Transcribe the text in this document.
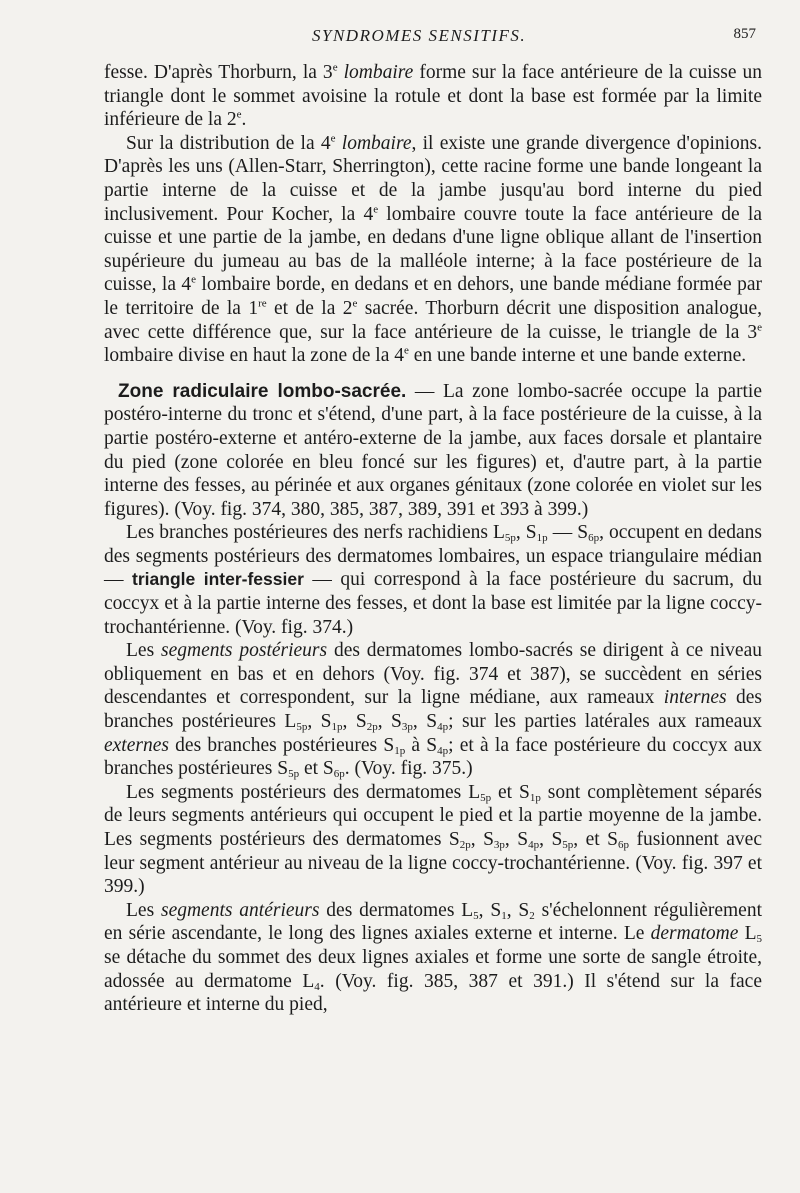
SYNDROMES SENSITIFS.	857

fesse. D'après Thorburn, la 3e lombaire forme sur la face antérieure de la cuisse un triangle dont le sommet avoisine la rotule et dont la base est formée par la limite inférieure de la 2e.

Sur la distribution de la 4e lombaire, il existe une grande divergence d'opinions. D'après les uns (Allen-Starr, Sherrington), cette racine forme une bande longeant la partie interne de la cuisse et de la jambe jusqu'au bord interne du pied inclusivement. Pour Kocher, la 4e lombaire couvre toute la face antérieure de la cuisse et une partie de la jambe, en dedans d'une ligne oblique allant de l'insertion supérieure du jumeau au bas de la malléole interne; à la face postérieure de la cuisse, la 4e lombaire borde, en dedans et en dehors, une bande médiane formée par le territoire de la 1re et de la 2e sacrée. Thorburn décrit une disposition analogue, avec cette différence que, sur la face antérieure de la cuisse, le triangle de la 3e lombaire divise en haut la zone de la 4e en une bande interne et une bande externe.

Zone radiculaire lombo-sacrée. — La zone lombo-sacrée occupe la partie postéro-interne du tronc et s'étend, d'une part, à la face postérieure de la cuisse, à la partie postéro-externe et antéro-externe de la jambe, aux faces dorsale et plantaire du pied (zone colorée en bleu foncé sur les figures) et, d'autre part, à la partie interne des fesses, au périnée et aux organes génitaux (zone colorée en violet sur les figures). (Voy. fig. 374, 380, 385, 387, 389, 391 et 393 à 399.)

Les branches postérieures des nerfs rachidiens $L_{5p}$, $S_{1p}$ — $S_{6p}$, occupent en dedans des segments postérieurs des dermatomes lombaires, un espace triangulaire médian — triangle inter-fessier — qui correspond à la face postérieure du sacrum, du coccyx et à la partie interne des fesses, et dont la base est limitée par la ligne coccy-trochantérienne. (Voy. fig. 374.)

Les segments postérieurs des dermatomes lombo-sacrés se dirigent à ce niveau obliquement en bas et en dehors (Voy. fig. 374 et 387), se succèdent en séries descendantes et correspondent, sur la ligne médiane, aux rameaux internes des branches postérieures $L_{5p}$, $S_{1p}$, $S_{2p}$, $S_{3p}$, $S_{4p}$; sur les parties latérales aux rameaux externes des branches postérieures $S_{1p}$ à $S_{4p}$; et à la face postérieure du coccyx aux branches postérieures $S_{5p}$ et $S_{6p}$. (Voy. fig. 375.)

Les segments postérieurs des dermatomes $L_{5p}$ et $S_{1p}$ sont complètement séparés de leurs segments antérieurs qui occupent le pied et la partie moyenne de la jambe. Les segments postérieurs des dermatomes $S_{2p}$, $S_{3p}$, $S_{4p}$, $S_{5p}$, et $S_{6p}$ fusionnent avec leur segment antérieur au niveau de la ligne coccy-trochantérienne. (Voy. fig. 397 et 399.)

Les segments antérieurs des dermatomes $L_5$, $S_1$, $S_2$ s'échelonnent régulièrement en série ascendante, le long des lignes axiales externe et interne. Le dermatome $L_5$ se détache du sommet des deux lignes axiales et forme une sorte de sangle étroite, adossée au dermatome $L_4$. (Voy. fig. 385, 387 et 391.) Il s'étend sur la face antérieure et interne du pied,
